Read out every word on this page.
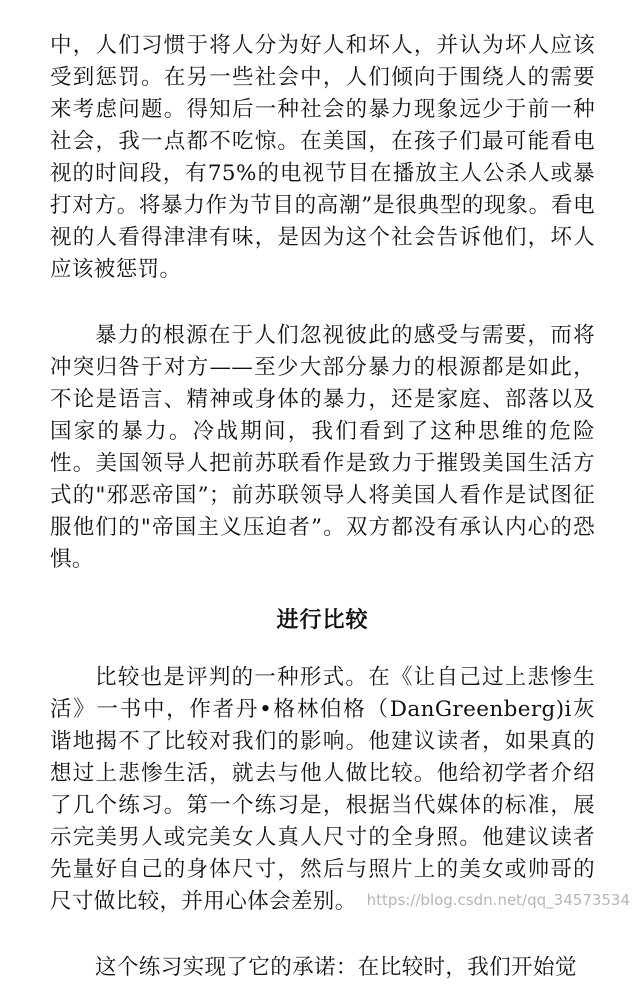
中，人们习惯于将人分为好人和坏人，并认为坏人应该受到惩罚。在另一些社会中，人们倾向于围绕人的需要来考虑问题。得知后一种社会的暴力现象远少于前一种社会，我一点都不吃惊。在美国，在孩子们最可能看电视的时间段，有75%的电视节目在播放主人公杀人或暴打对方。将暴力作为节目的高潮”是很典型的现象。看电视的人看得津津有味，是因为这个社会告诉他们，坏人应该被惩罚。

暴力的根源在于人们忽视彼此的感受与需要，而将冲突归咎于对方——至少大部分暴力的根源都是如此，不论是语言、精神或身体的暴力，还是家庭、部落以及国家的暴力。冷战期间，我们看到了这种思维的危险性。美国领导人把前苏联看作是致力于摧毁美国生活方式的"邪恶帝国”；前苏联领导人将美国人看作是试图征服他们的"帝国主义压迫者”。双方都没有承认内心的恐惧。

进行比较

比较也是评判的一种形式。在《让自己过上悲惨生活》一书中，作者丹•格林伯格（DanGreenberg)i灰谐地揭不了比较对我们的影响。他建议读者，如果真的想过上悲惨生活，就去与他人做比较。他给初学者介绍了几个练习。第一个练习是，根据当代媒体的标准，展示完美男人或完美女人真人尺寸的全身照。他建议读者先量好自己的身体尺寸，然后与照片上的美女或帅哥的尺寸做比较，并用心体会差别。

这个练习实现了它的承诺：在比较时，我们开始觉

https://blog.csdn.net/qq_34573534
